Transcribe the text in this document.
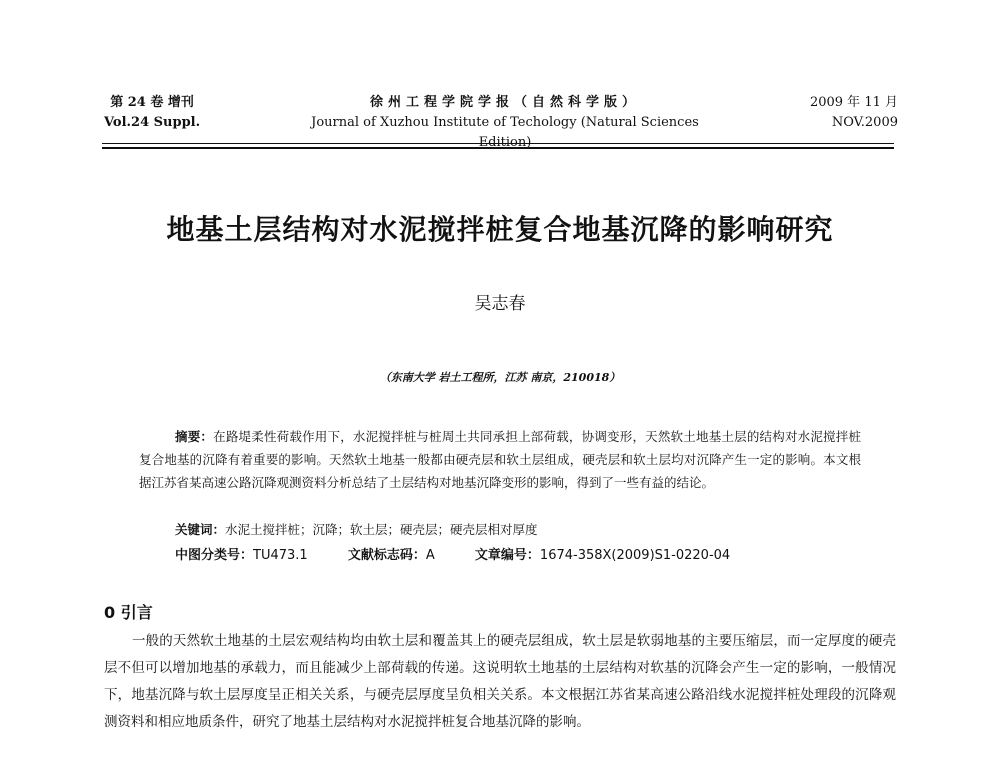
第 24 卷 增刊
Vol.24 Suppl.
徐州工程学院学报（自然科学版）
Journal of Xuzhou Institute of Techology (Natural Sciences Edition)
2009 年 11 月
NOV.2009
地基土层结构对水泥搅拌桩复合地基沉降的影响研究
吴志春
（东南大学 岩土工程所，江苏 南京，210018）
摘要：在路堤柔性荷载作用下，水泥搅拌桩与桩周土共同承担上部荷载，协调变形，天然软土地基土层的结构对水泥搅拌桩复合地基的沉降有着重要的影响。天然软土地基一般都由硬壳层和软土层组成，硬壳层和软土层均对沉降产生一定的影响。本文根据江苏省某高速公路沉降观测资料分析总结了土层结构对地基沉降变形的影响，得到了一些有益的结论。
关键词：水泥土搅拌桩；沉降；软土层；硬壳层；硬壳层相对厚度
中图分类号：TU473.1	文献标志码：A	文章编号：1674-358X(2009)S1-0220-04
0 引言
一般的天然软土地基的土层宏观结构均由软土层和覆盖其上的硬壳层组成，软土层是软弱地基的主要压缩层，而一定厚度的硬壳层不但可以增加地基的承载力，而且能减少上部荷载的传递。这说明软土地基的土层结构对软基的沉降会产生一定的影响，一般情况下，地基沉降与软土层厚度呈正相关关系，与硬壳层厚度呈负相关关系。本文根据江苏省某高速公路沿线水泥搅拌桩处理段的沉降观测资料和相应地质条件，研究了地基土层结构对水泥搅拌桩复合地基沉降的影响。
